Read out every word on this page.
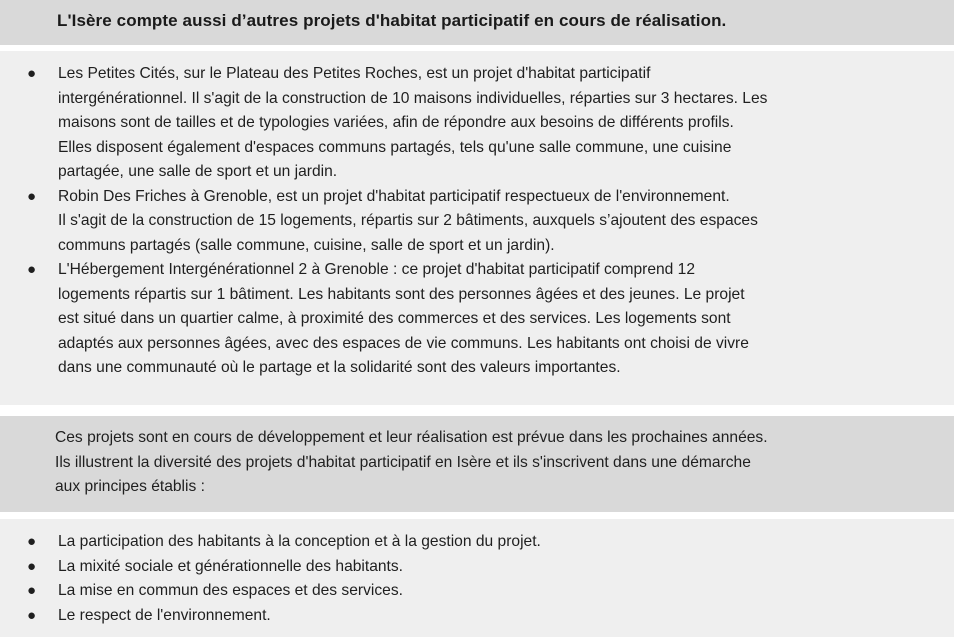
L'Isère compte aussi d’autres projets d'habitat participatif en cours de réalisation.
● Les Petites Cités, sur le Plateau des Petites Roches, est un projet d'habitat participatif
intergénérationnel. Il s'agit de la construction de 10 maisons individuelles, réparties sur 3 hectares. Les
maisons sont de tailles et de typologies variées, afin de répondre aux besoins de différents profils.
Elles disposent également d'espaces communs partagés, tels qu'une salle commune, une cuisine
partagée, une salle de sport et un jardin.
● Robin Des Friches à Grenoble, est un projet d'habitat participatif respectueux de l'environnement.
Il s'agit de la construction de 15 logements, répartis sur 2 bâtiments, auxquels s’ajoutent des espaces
communs partagés (salle commune, cuisine, salle de sport et un jardin).
● L'Hébergement Intergénérationnel 2 à Grenoble : ce projet d'habitat participatif comprend 12
logements répartis sur 1 bâtiment. Les habitants sont des personnes âgées et des jeunes. Le projet
est situé dans un quartier calme, à proximité des commerces et des services. Les logements sont
adaptés aux personnes âgées, avec des espaces de vie communs. Les habitants ont choisi de vivre
dans une communauté où le partage et la solidarité sont des valeurs importantes.

Ces projets sont en cours de développement et leur réalisation est prévue dans les prochaines années.
Ils illustrent la diversité des projets d'habitat participatif en Isère et ils s'inscrivent dans une démarche
aux principes établis :

● La participation des habitants à la conception et à la gestion du projet.
● La mixité sociale et générationnelle des habitants.
● La mise en commun des espaces et des services.
● Le respect de l'environnement.
